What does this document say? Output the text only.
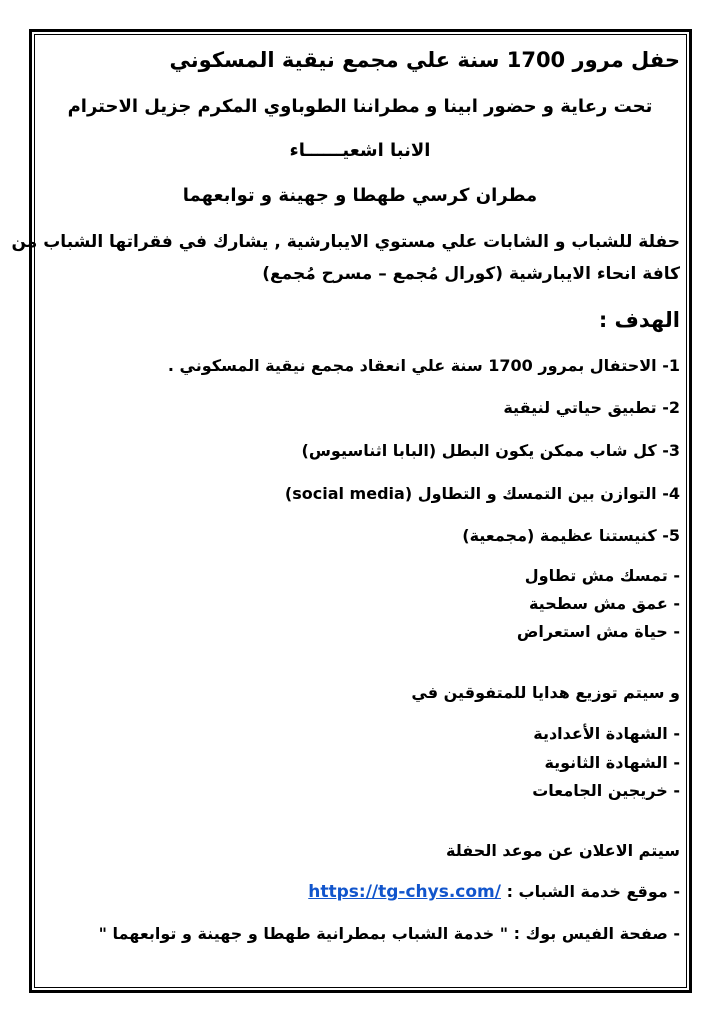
حفل مرور 1700 سنة علي مجمع نيقية المسكوني
تحت رعاية و حضور ابينا و مطراننا الطوباوي المكرم جزيل الاحترام
الانبا اشعيــــــاء
مطران كرسي طهطا و جهينة و توابعهما
حفلة للشباب و الشابات علي مستوي الايبارشية , يشارك في فقراتها الشباب من
كافة انحاء الايبارشية (كورال مُجمع – مسرح مُجمع)
الهدف :
1- الاحتفال بمرور 1700 سنة علي انعقاد مجمع نيقية المسكوني .
2- تطبيق حياتي لنيقية
3- كل شاب ممكن يكون البطل (البابا اثناسيوس)
4- التوازن بين التمسك و التطاول (social media)
5- كنيستنا عظيمة (مجمعية)
- تمسك مش تطاول
- عمق مش سطحية
- حياة مش استعراض
و سيتم توزيع هدايا للمتفوقين في
- الشهادة الأعدادية
- الشهادة الثانوية
- خريجين الجامعات
سيتم الاعلان عن موعد الحفلة
- موقع خدمة الشباب : https://tg-chys.com/
- صفحة الفيس بوك : " خدمة الشباب بمطرانية طهطا و جهينة و توابعهما "
